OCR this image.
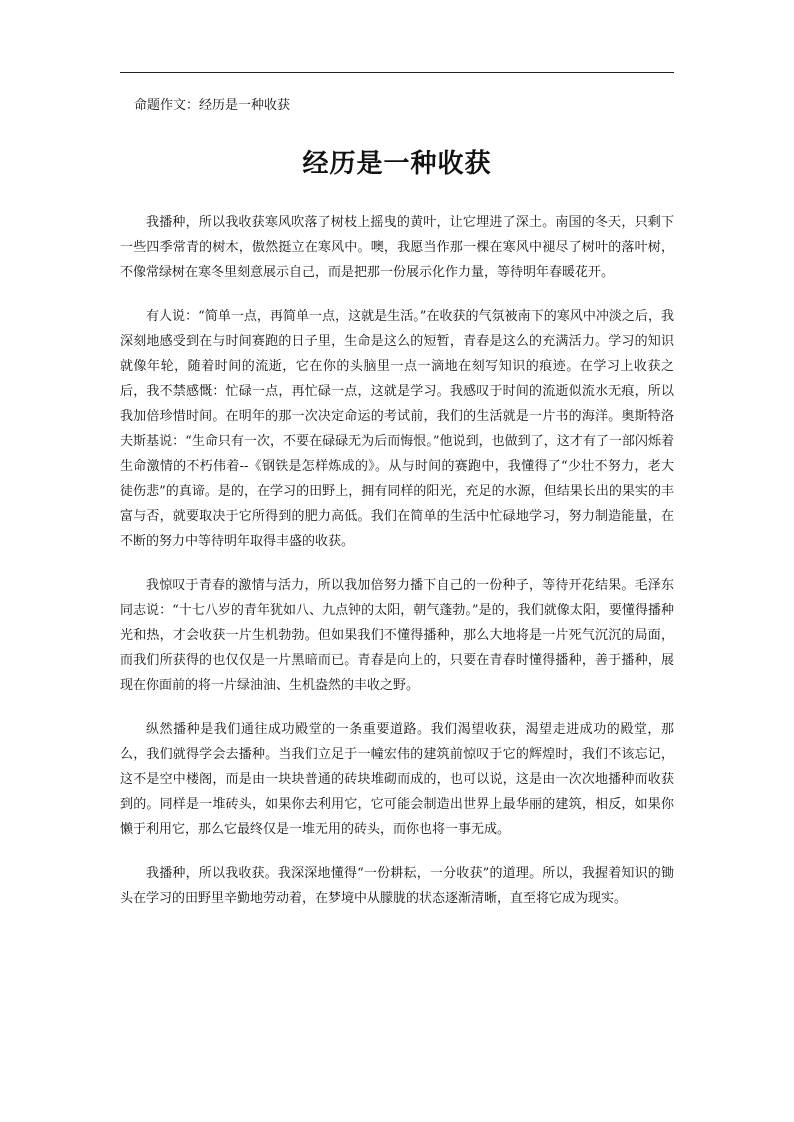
命题作文：经历是一种收获
经历是一种收获

我播种，所以我收获寒风吹落了树枝上摇曳的黄叶，让它埋进了深土。南国的冬天，只剩下一些四季常青的树木，傲然挺立在寒风中。噢，我愿当作那一棵在寒风中褪尽了树叶的落叶树，不像常绿树在寒冬里刻意展示自己，而是把那一份展示化作力量，等待明年春暖花开。

有人说：“简单一点，再简单一点，这就是生活。”在收获的气氛被南下的寒风中冲淡之后，我深刻地感受到在与时间赛跑的日子里，生命是这么的短暂，青春是这么的充满活力。学习的知识就像年轮，随着时间的流逝，它在你的头脑里一点一滴地在刻写知识的痕迹。在学习上收获之后，我不禁感慨：忙碌一点，再忙碌一点，这就是学习。我感叹于时间的流逝似流水无痕，所以我加倍珍惜时间。在明年的那一次决定命运的考试前，我们的生活就是一片书的海洋。奥斯特洛夫斯基说：“生命只有一次，不要在碌碌无为后而悔恨。”他说到，也做到了，这才有了一部闪烁着生命激情的不朽伟着--《钢铁是怎样炼成的》。从与时间的赛跑中，我懂得了“少壮不努力，老大徒伤悲”的真谛。是的，在学习的田野上，拥有同样的阳光，充足的水源，但结果长出的果实的丰富与否，就要取决于它所得到的肥力高低。我们在简单的生活中忙碌地学习，努力制造能量，在不断的努力中等待明年取得丰盛的收获。

我惊叹于青春的激情与活力，所以我加倍努力播下自己的一份种子，等待开花结果。毛泽东同志说：“十七八岁的青年犹如八、九点钟的太阳，朝气蓬勃。”是的，我们就像太阳，要懂得播种光和热，才会收获一片生机勃勃。但如果我们不懂得播种，那么大地将是一片死气沉沉的局面，而我们所获得的也仅仅是一片黑暗而已。青春是向上的，只要在青春时懂得播种，善于播种，展现在你面前的将一片绿油油、生机盎然的丰收之野。

纵然播种是我们通往成功殿堂的一条重要道路。我们渴望收获，渴望走进成功的殿堂，那么，我们就得学会去播种。当我们立足于一幢宏伟的建筑前惊叹于它的辉煌时，我们不该忘记，这不是空中楼阁，而是由一块块普通的砖块堆砌而成的，也可以说，这是由一次次地播种而收获到的。同样是一堆砖头，如果你去利用它，它可能会制造出世界上最华丽的建筑，相反，如果你懒于利用它，那么它最终仅是一堆无用的砖头，而你也将一事无成。

我播种，所以我收获。我深深地懂得“一份耕耘，一分收获”的道理。所以，我握着知识的锄头在学习的田野里辛勤地劳动着，在梦境中从朦胧的状态逐渐清晰，直至将它成为现实。
